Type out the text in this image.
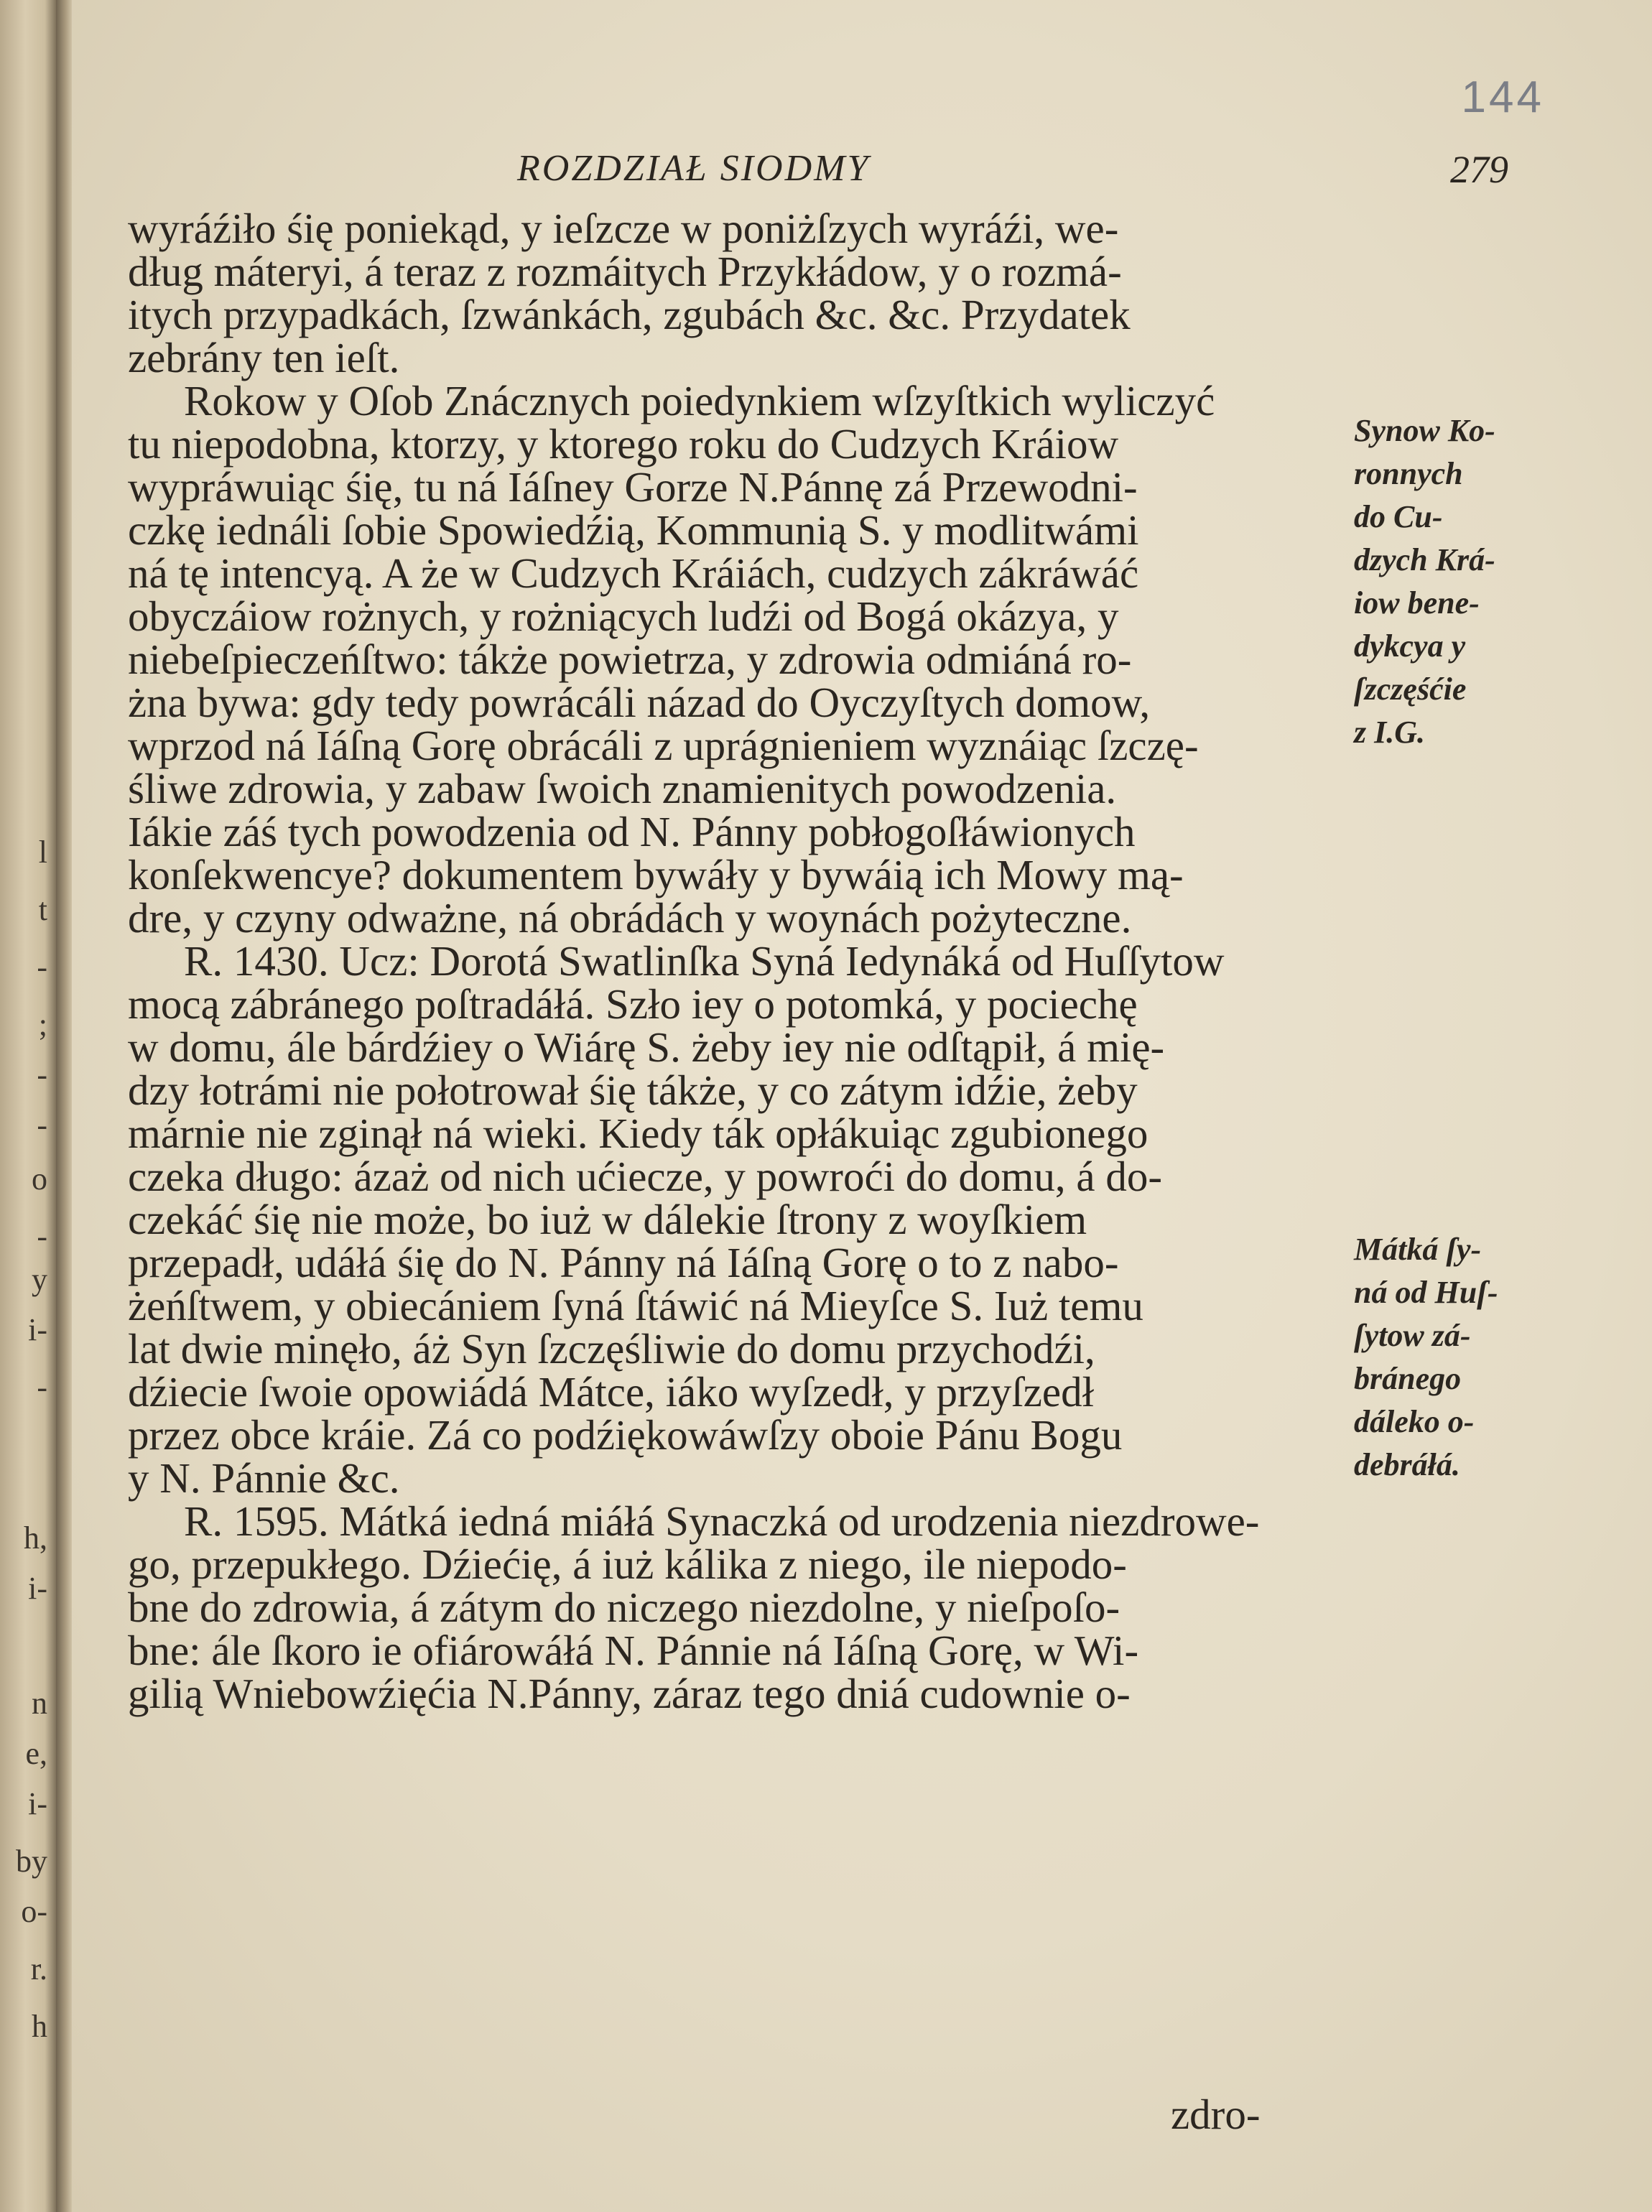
l
t
-
;
-
-
o
-
y
i-
-
h,
i-
n
e,
i-
by
o-
r.
h
144
ROZDZIAŁ SIODMY	279
wyráźiło śię poniekąd, y ieſzcze w poniżſzych wyráźi, we-
dług máteryi, á teraz z rozmáitych Przykłádow, y o rozmá-
itych przypadkách, ſzwánkách, zgubách &c. &c. Przydatek
zebrány ten ieſt.
Rokow y Oſob Znácznych poiedynkiem wſzyſtkich wyliczyć
tu niepodobna, ktorzy, y ktorego roku do Cudzych Kráiow
wypráwuiąc śię, tu ná Iáſney Gorze N.Pánnę zá Przewodni-
czkę iednáli ſobie Spowiedźią, Kommunią S. y modlitwámi
ná tę intencyą. A że w Cudzych Kráiách, cudzych zákráwáć
obyczáiow rożnych, y rożniących ludźi od Bogá okázya, y
niebeſpieczeńſtwo: tákże powietrza, y zdrowia odmiáná ro-
żna bywa: gdy tedy powrácáli názad do Oyczyſtych domow,
wprzod ná Iáſną Gorę obrácáli z uprágnieniem wyznáiąc ſzczę-
śliwe zdrowia, y zabaw ſwoich znamienitych powodzenia.
Iákie záś tych powodzenia od N. Pánny pobłogoſłáwionych
konſekwencye? dokumentem bywáły y bywáią ich Mowy mą-
dre, y czyny odważne, ná obrádách y woynách pożyteczne.
R. 1430. Ucz: Dorotá Swatlinſka Syná Iedynáká od Huſſytow
mocą zábránego poſtradáłá. Szło iey o potomká, y pociechę
w domu, ále bárdźiey o Wiárę S. żeby iey nie odſtąpił, á mię-
dzy łotrámi nie połotrował śię tákże, y co zátym idźie, żeby
márnie nie zginął ná wieki. Kiedy ták opłákuiąc zgubionego
czeka długo: ázaż od nich ućiecze, y powroći do domu, á do-
czekáć śię nie może, bo iuż w dálekie ſtrony z woyſkiem
przepadł, udáłá śię do N. Pánny ná Iáſną Gorę o to z nabo-
żeńſtwem, y obiecániem ſyná ſtáwić ná Mieyſce S. Iuż temu
lat dwie minęło, áż Syn ſzczęśliwie do domu przychodźi,
dźiecie ſwoie opowiádá Mátce, iáko wyſzedł, y przyſzedł
przez obce kráie. Zá co podźiękowáwſzy oboie Pánu Bogu
y N. Pánnie &c.
R. 1595. Mátká iedná miáłá Synaczká od urodzenia niezdrowe-
go, przepukłego. Dźiećię, á iuż kálika z niego, ile niepodo-
bne do zdrowia, á zátym do niczego niezdolne, y nieſpoſo-
bne: ále ſkoro ie ofiárowáłá N. Pánnie ná Iáſną Gorę, w Wi-
gilią Wniebowźięćia N.Pánny, záraz tego dniá cudownie o-
Synow Ko-
ronnych
do Cu-
dzych Krá-
iow bene-
dykcya y
ſzczęśćie
z I.G.
Mátká ſy-
ná od Huſ-
ſytow zá-
bránego
dáleko o-
debráłá.
zdro-
